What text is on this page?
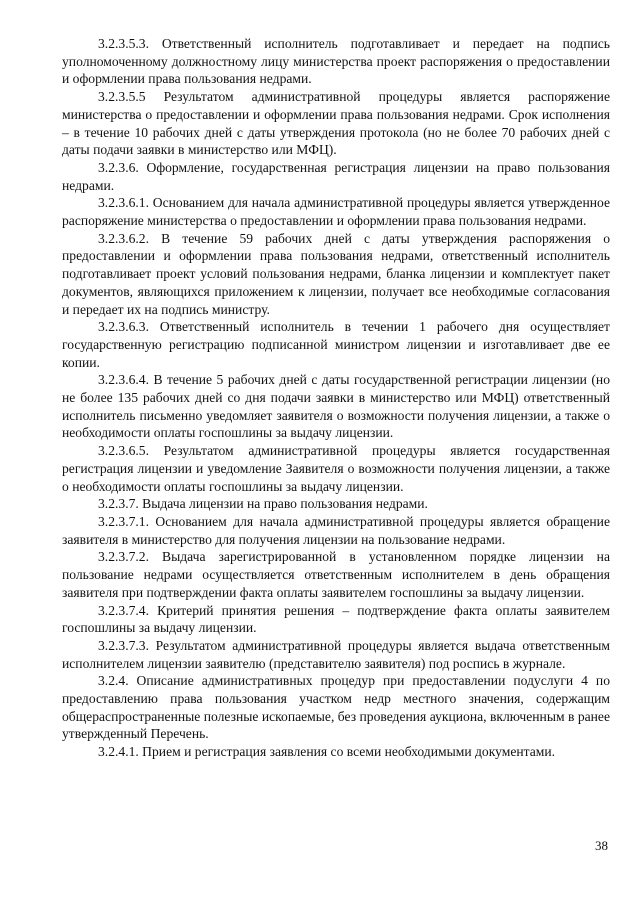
3.2.3.5.3. Ответственный исполнитель подготавливает и передает на подпись уполномоченному должностному лицу министерства проект распоряжения о предоставлении и оформлении права пользования недрами.

3.2.3.5.5 Результатом административной процедуры является распоряжение министерства о предоставлении и оформлении права пользования недрами. Срок исполнения – в течение 10 рабочих дней с даты утверждения протокола (но не более 70 рабочих дней с даты подачи заявки в министерство или МФЦ).

3.2.3.6. Оформление, государственная регистрация лицензии на право пользования недрами.

3.2.3.6.1. Основанием для начала административной процедуры является утвержденное распоряжение министерства о предоставлении и оформлении права пользования недрами.

3.2.3.6.2. В течение 59 рабочих дней с даты утверждения распоряжения о предоставлении и оформлении права пользования недрами, ответственный исполнитель подготавливает проект условий пользования недрами, бланка лицензии и комплектует пакет документов, являющихся приложением к лицензии, получает все необходимые согласования и передает их на подпись министру.

3.2.3.6.3. Ответственный исполнитель в течении 1 рабочего дня осуществляет государственную регистрацию подписанной министром лицензии и изготавливает две ее копии.

3.2.3.6.4. В течение 5 рабочих дней с даты государственной регистрации лицензии (но не более 135 рабочих дней со дня подачи заявки в министерство или МФЦ) ответственный исполнитель письменно уведомляет заявителя о возможности получения лицензии, а также о необходимости оплаты госпошлины за выдачу лицензии.

3.2.3.6.5. Результатом административной процедуры является государственная регистрация лицензии и уведомление Заявителя о возможности получения лицензии, а также о необходимости оплаты госпошлины за выдачу лицензии.

3.2.3.7. Выдача лицензии на право пользования недрами.

3.2.3.7.1. Основанием для начала административной процедуры является обращение заявителя в министерство для получения лицензии на пользование недрами.

3.2.3.7.2. Выдача зарегистрированной в установленном порядке лицензии на пользование недрами осуществляется ответственным исполнителем в день обращения заявителя при подтверждении факта оплаты заявителем госпошлины за выдачу лицензии.

3.2.3.7.4. Критерий принятия решения – подтверждение факта оплаты заявителем госпошлины за выдачу лицензии.

3.2.3.7.3. Результатом административной процедуры является выдача ответственным исполнителем лицензии заявителю (представителю заявителя) под роспись в журнале.

3.2.4. Описание административных процедур при предоставлении подуслуги 4 по предоставлению права пользования участком недр местного значения, содержащим общераспространенные полезные ископаемые, без проведения аукциона, включенным в ранее утвержденный Перечень.

3.2.4.1. Прием и регистрация заявления со всеми необходимыми документами.

38
